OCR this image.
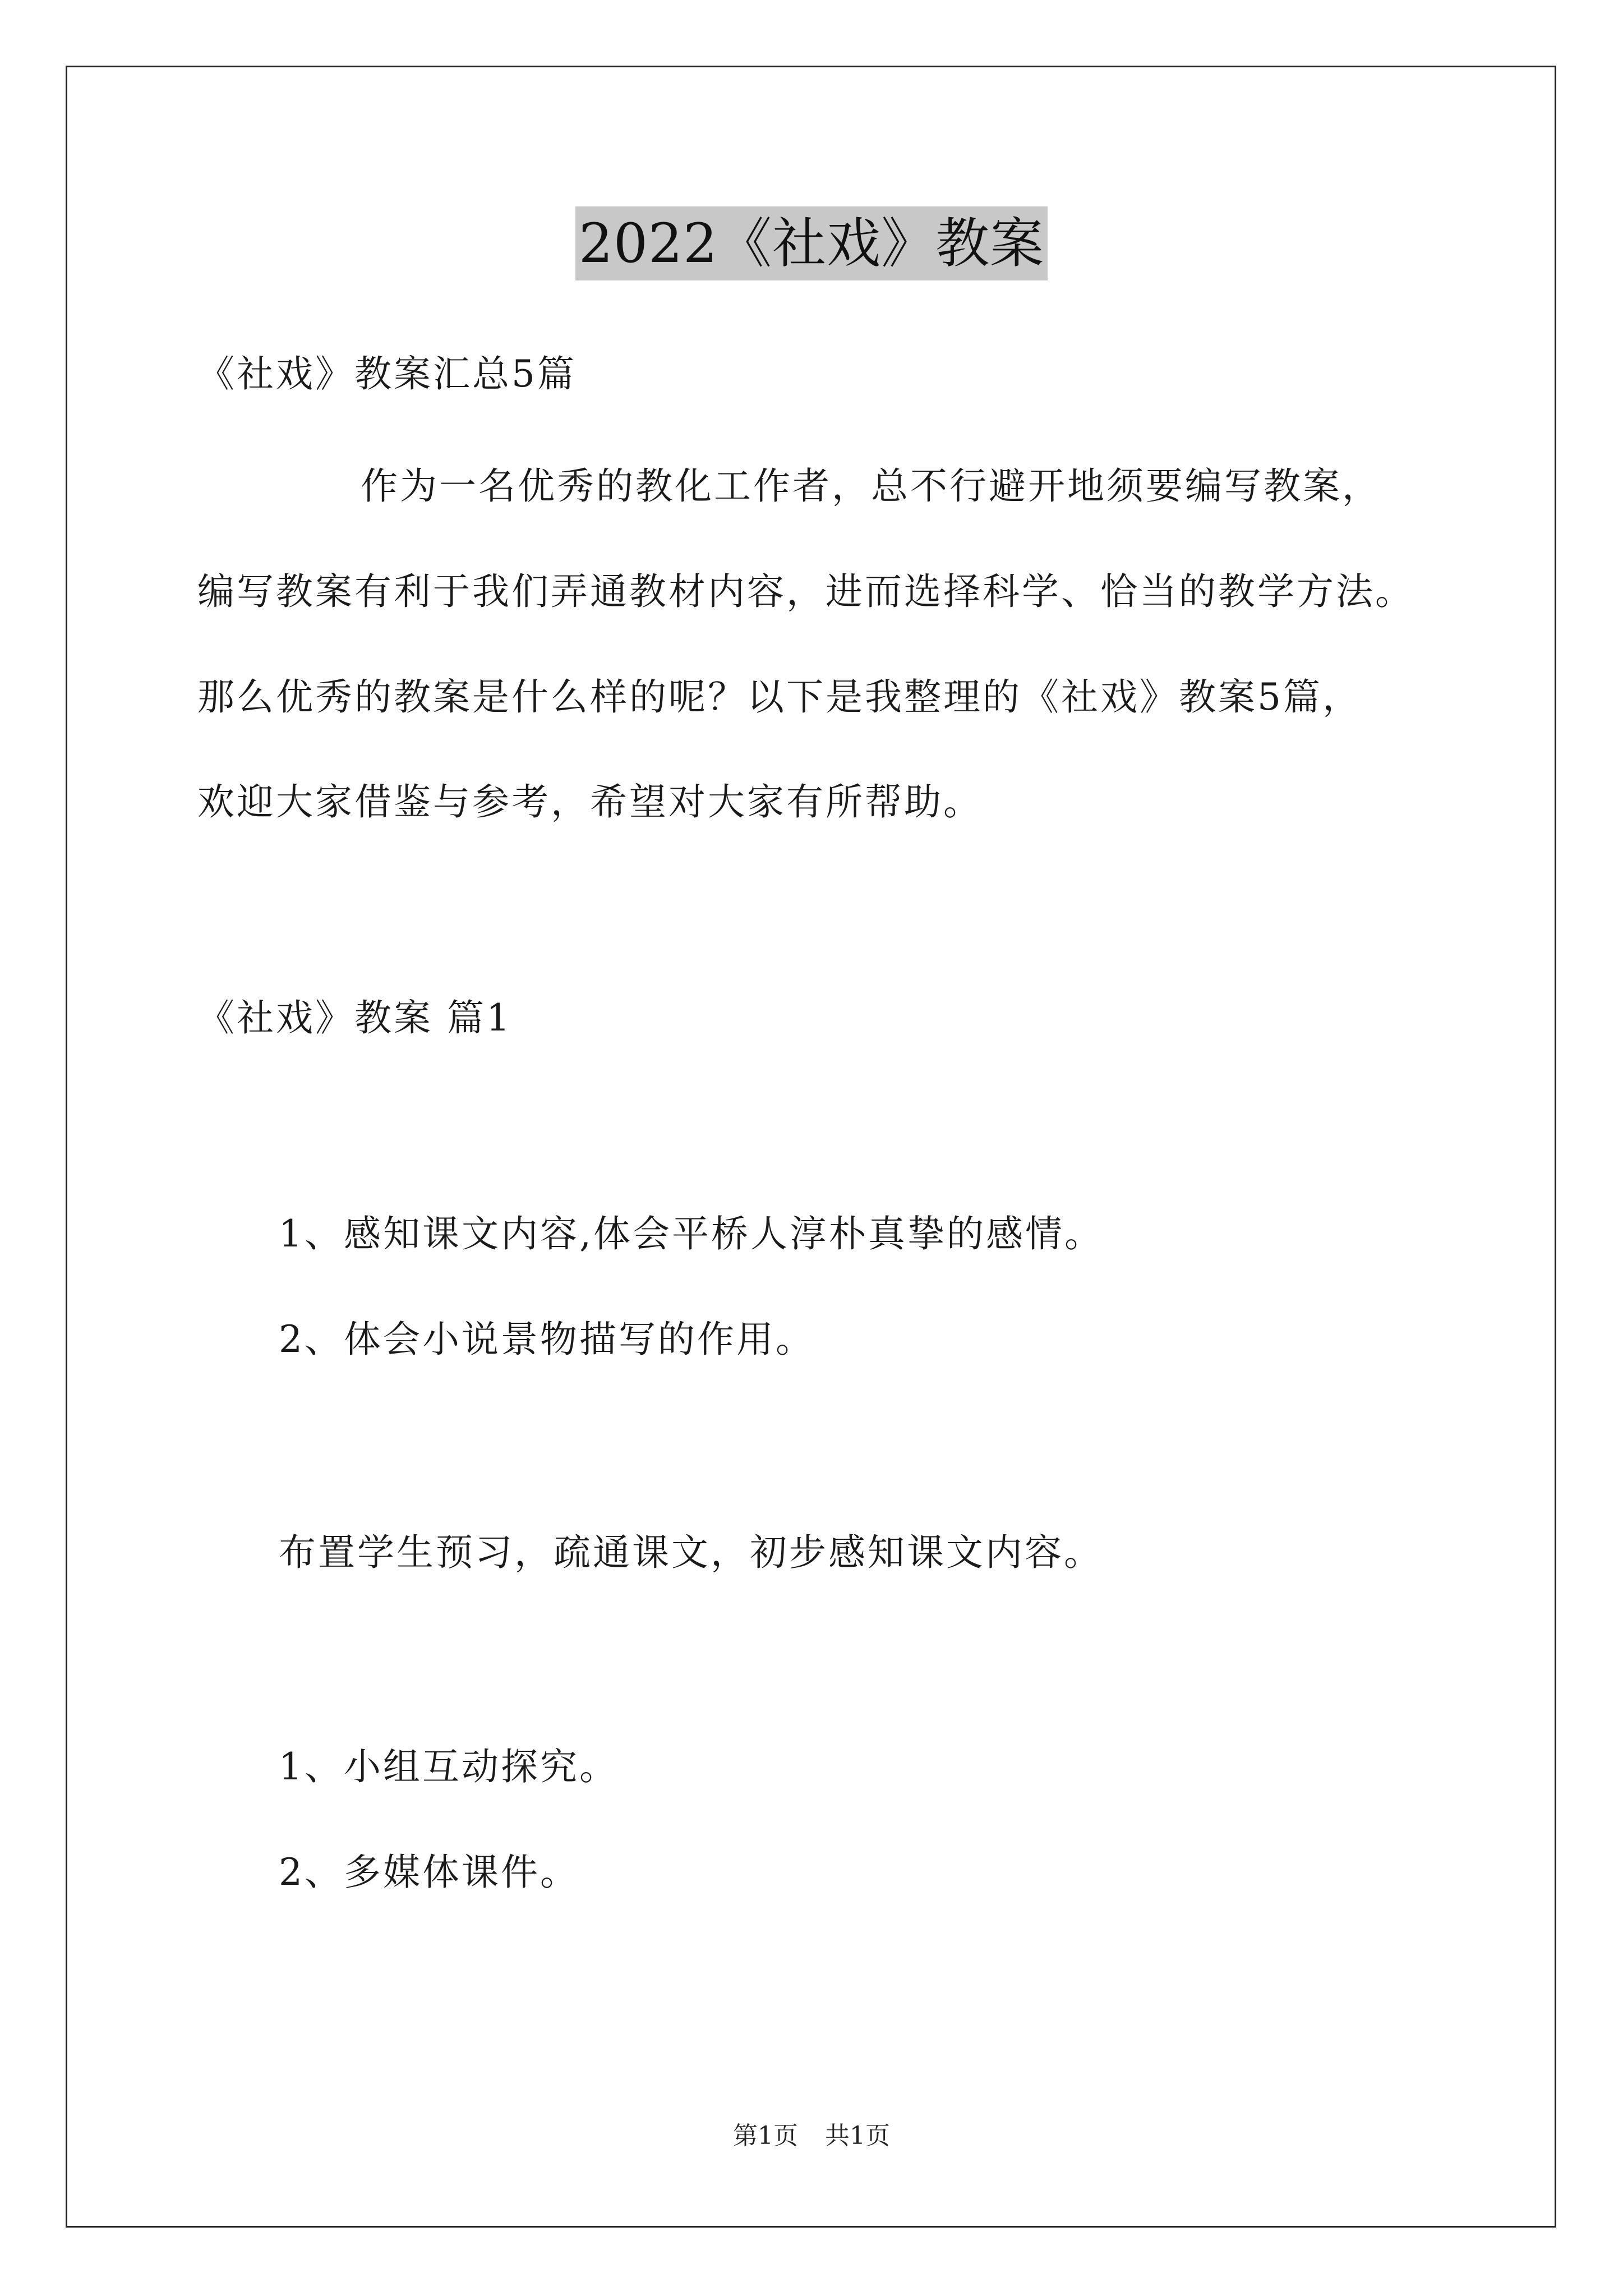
2022《社戏》教案
《社戏》教案汇总5篇
作为一名优秀的教化工作者，总不行避开地须要编写教案，
编写教案有利于我们弄通教材内容，进而选择科学、恰当的教学方法。
那么优秀的教案是什么样的呢？以下是我整理的《社戏》教案5篇，
欢迎大家借鉴与参考，希望对大家有所帮助。
《社戏》教案 篇1
1、感知课文内容,体会平桥人淳朴真挚的感情。
2、体会小说景物描写的作用。
布置学生预习，疏通课文，初步感知课文内容。
1、小组互动探究。
2、多媒体课件。
第1页 共1页
